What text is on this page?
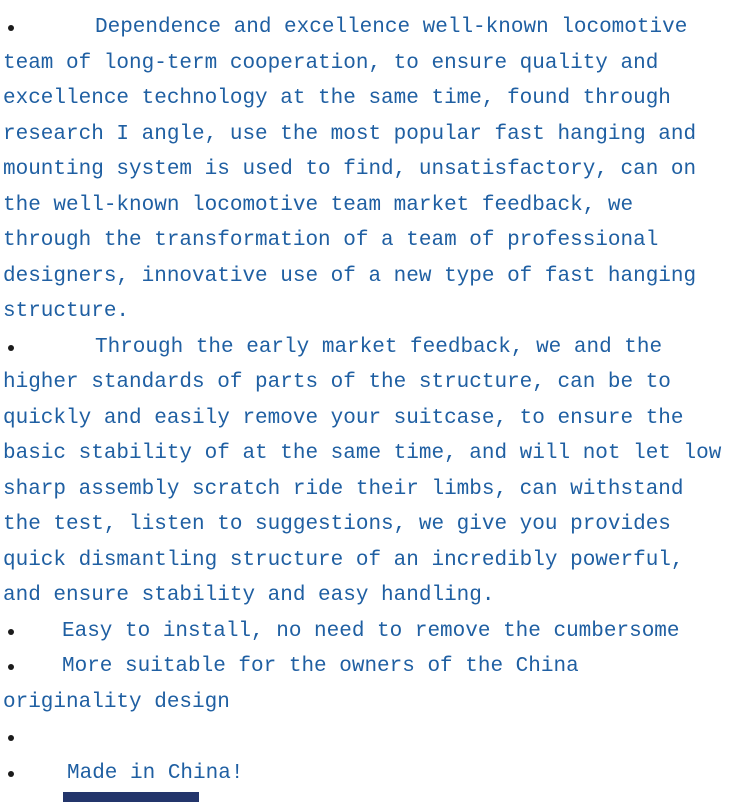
Dependence and excellence well-known locomotive
team of long-term cooperation, to ensure quality and
excellence technology at the same time, found through
research I angle, use the most popular fast hanging and
mounting system is used to find, unsatisfactory, can on
the well-known locomotive team market feedback, we
through the transformation of a team of professional
designers, innovative use of a new type of fast hanging
structure.
Through the early market feedback, we and the
higher standards of parts of the structure, can be to
quickly and easily remove your suitcase, to ensure the
basic stability of at the same time, and will not let low
sharp assembly scratch ride their limbs, can withstand
the test, listen to suggestions, we give you provides
quick dismantling structure of an incredibly powerful,
and ensure stability and easy handling.
Easy to install, no need to remove the cumbersome
More suitable for the owners of the China
originality design
Made in China!
